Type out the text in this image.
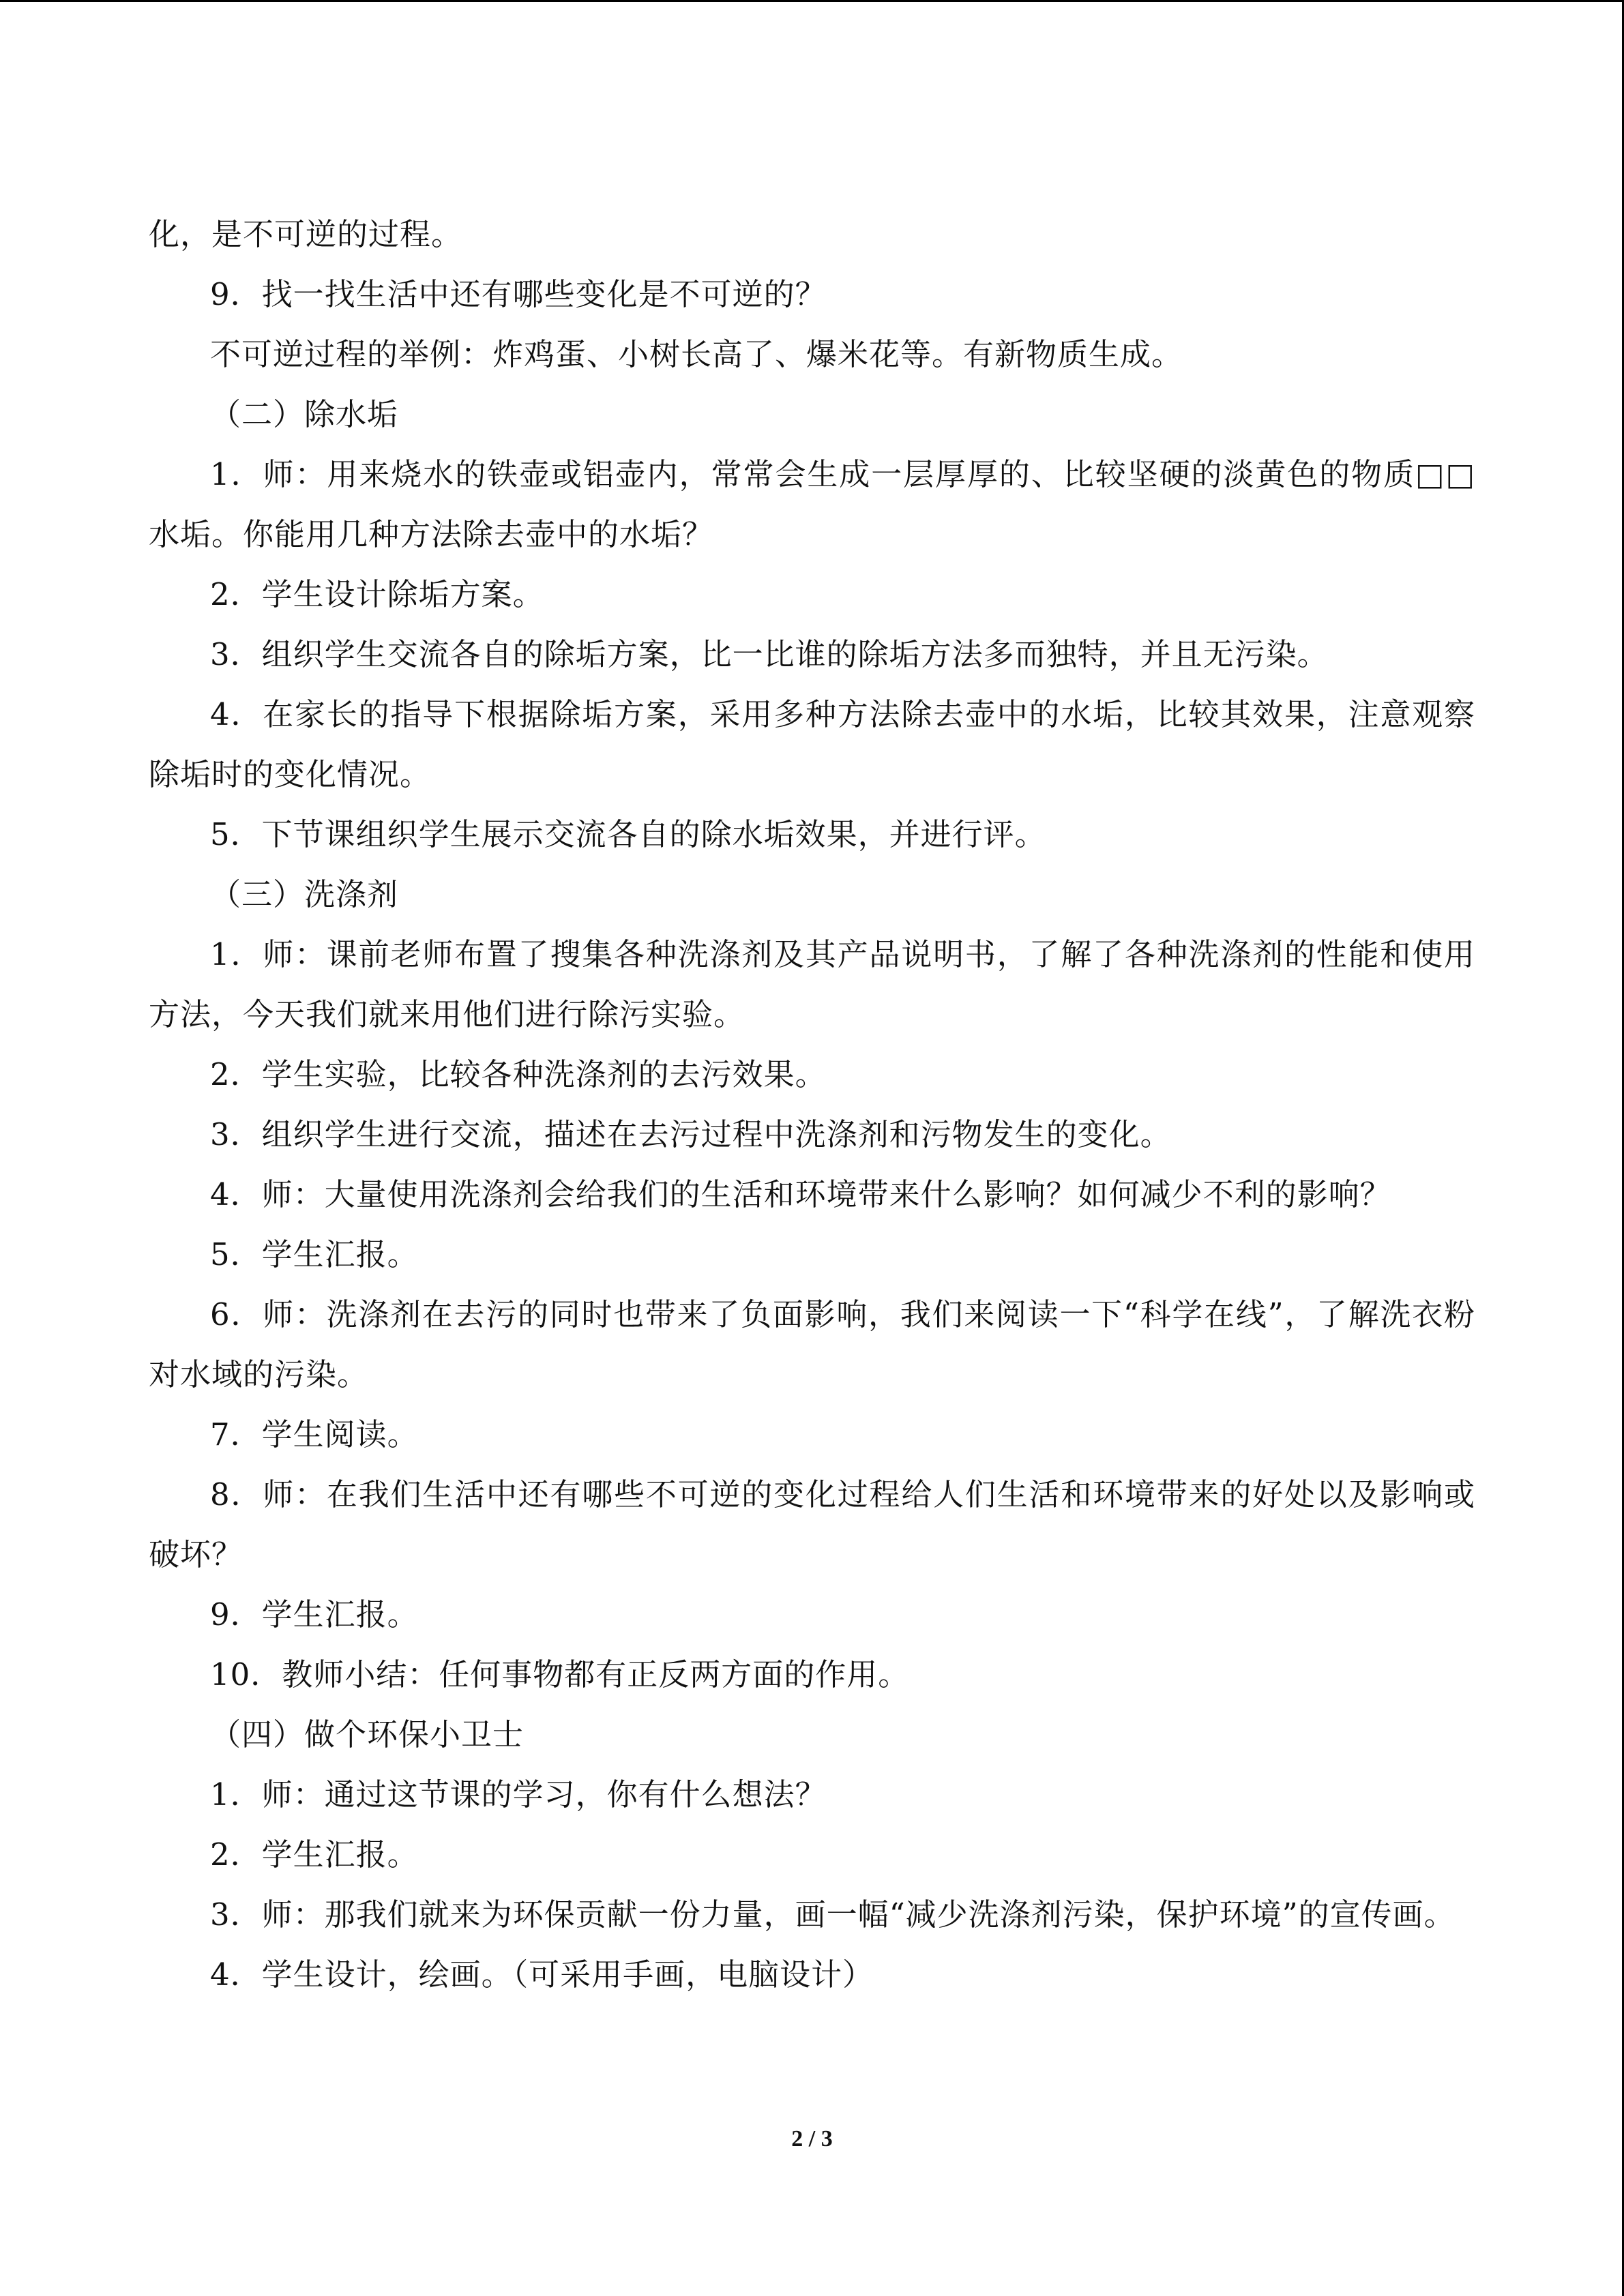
化，是不可逆的过程。

9．找一找生活中还有哪些变化是不可逆的？

不可逆过程的举例：炸鸡蛋、小树长高了、爆米花等。有新物质生成。

（二）除水垢

1．师：用来烧水的铁壶或铝壶内，常常会生成一层厚厚的、比较坚硬的淡黄色的物质□□水垢。你能用几种方法除去壶中的水垢？

2．学生设计除垢方案。

3．组织学生交流各自的除垢方案，比一比谁的除垢方法多而独特，并且无污染。

4．在家长的指导下根据除垢方案，采用多种方法除去壶中的水垢，比较其效果，注意观察除垢时的变化情况。

5．下节课组织学生展示交流各自的除水垢效果，并进行评。

（三）洗涤剂

1．师：课前老师布置了搜集各种洗涤剂及其产品说明书，了解了各种洗涤剂的性能和使用方法，今天我们就来用他们进行除污实验。

2．学生实验，比较各种洗涤剂的去污效果。

3．组织学生进行交流，描述在去污过程中洗涤剂和污物发生的变化。

4．师：大量使用洗涤剂会给我们的生活和环境带来什么影响？如何减少不利的影响？

5．学生汇报。

6．师：洗涤剂在去污的同时也带来了负面影响，我们来阅读一下“科学在线”，了解洗衣粉对水域的污染。

7．学生阅读。

8．师：在我们生活中还有哪些不可逆的变化过程给人们生活和环境带来的好处以及影响或破坏？

9．学生汇报。

10．教师小结：任何事物都有正反两方面的作用。

（四）做个环保小卫士

1．师：通过这节课的学习，你有什么想法？

2．学生汇报。

3．师：那我们就来为环保贡献一份力量，画一幅“减少洗涤剂污染，保护环境”的宣传画。

4．学生设计，绘画。（可采用手画，电脑设计）

2 / 3
